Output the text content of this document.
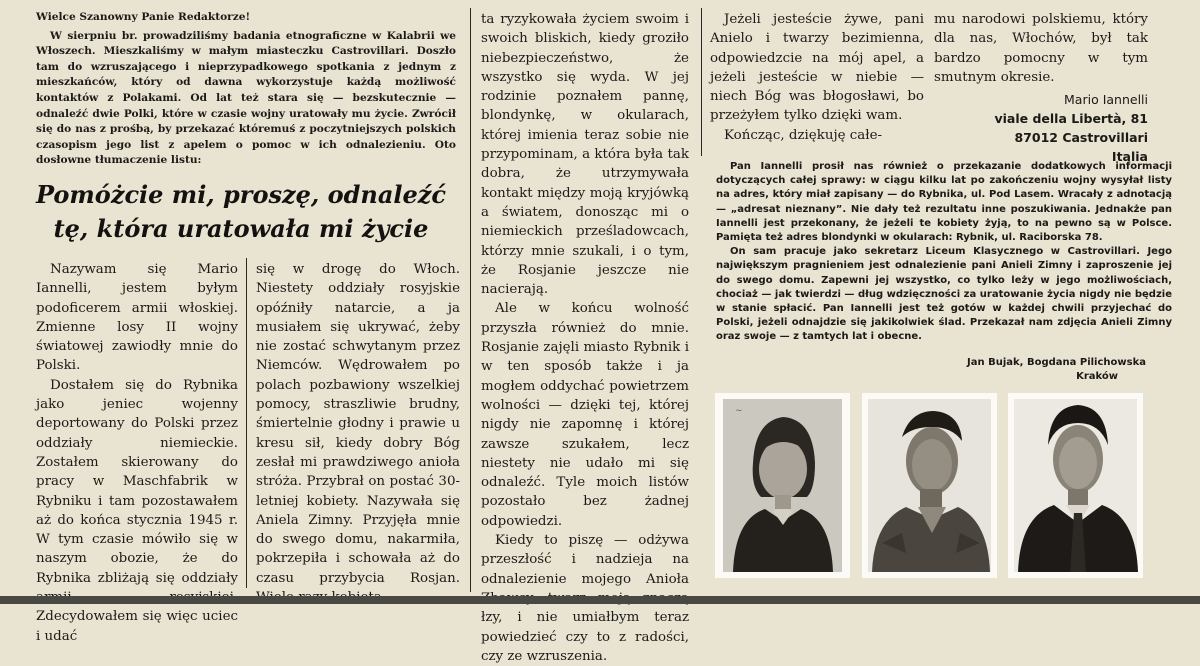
Wielce Szanowny Panie Redaktorze!

W sierpniu br. prowadziliśmy badania etnograficzne w Kalabrii we Włoszech. Mieszkaliśmy w małym miasteczku Castrovillari. Doszło tam do wzruszającego i nieprzypadkowego spotkania z jednym z mieszkańców, który od dawna wykorzystuje każdą możliwość kontaktów z Polakami. Od lat też stara się — bezskutecznie — odnaleźć dwie Polki, które w czasie wojny uratowały mu życie. Zwrócił się do nas z prośbą, by przekazać któremuś z poczytniejszych polskich czasopism jego list z apelem o pomoc w ich odnalezieniu. Oto dosłowne tłumaczenie listu:

Pomóżcie mi, proszę, odnaleźć tę, która uratowała mi życie

Nazywam się Mario Iannelli, jestem byłym podoficerem armii włoskiej. Zmienne losy II wojny światowej zawiodły mnie do Polski.

Dostałem się do Rybnika jako jeniec wojenny deportowany do Polski przez oddziały niemieckie. Zostałem skierowany do pracy w Maschfabrik w Rybniku i tam pozostawałem aż do końca stycznia 1945 r. W tym czasie mówiło się w naszym obozie, że do Rybnika zbliżają się oddziały Zdecydowałem się więc uciec i udać

się w drogę do Włoch. Niestety oddziały rosyjskie opóźniły natarcie, a ja musiałem się ukrywać, żeby nie zostać schwytanym przez Niemców. Wędrowałem po polach pozbawiony wszelkiej pomocy, straszliwie brudny, śmiertelnie głodny i prawie u kresu sił, kiedy dobry Bóg zesłał mi prawdziwego anioła stróża. Przybrał on postać 30-letniej kobiety. Nazywała się Aniela Zimny. Przyjęła mnie do swego domu, nakarmiła, pokrzepiła i schowała aż do czasu przybycia Rosjan.

ta ryzykowała życiem swoim i swoich bliskich, kiedy groziło niebezpieczeństwo, że wszystko się wyda. W jej rodzinie poznałem pannę, blondynkę, w okularach, której imienia teraz sobie nie przypominam, a która była tak dobra, że utrzymywała kontakt między moją kryjówką a światem, donosząc mi o niemieckich prześladowcach, którzy mnie szukali, i o tym, że Rosjanie jeszcze nie nacierają.

Ale w końcu wolność przyszła również do mnie. Rosjanie zajęli miasto Rybnik i w ten sposób także i ja mogłem oddychać powietrzem wolności — dzięki tej, której nigdy nie zapomnę i której zawsze szukałem, lecz niestety nie udało mi się odnaleźć. Tyle moich listów pozostało bez żadnej odpowiedzi.

Kiedy to piszę — odżywa przeszłość i nadzieja na odnalezienie mojego Anioła łzy, i nie umiałbym teraz powiedzieć czy to z radości, czy ze wzruszenia.

Jeżeli jesteście żywe, pani Anielo i twarzy bezimienna, odpowiedzcie na mój apel, a jeżeli jesteście w niebie — niech Bóg was błogosławi, bo przeżyłem tylko dzięki wam.

Kończąc, dziękuję całe-

mu narodowi polskiemu, który dla nas, Włochów, był tak bardzo pomocny w tym smutnym okresie.

Mario Iannelli
viale della Libertà, 81
87012 Castrovillari
Italia

Pan Iannelli prosił nas również o przekazanie dodatkowych informacji dotyczących całej sprawy: w ciągu kilku lat po zakończeniu wojny wysyłał listy na adres, który miał zapisany — do Rybnika, ul. Pod Lasem. Wracały z adnotacją — „adresat nieznany”. Nie dały też rezultatu inne poszukiwania. Jednakże pan Iannelli jest przekonany, że jeżeli te kobiety żyją, to na pewno są w Polsce. Pamięta też adres blondynki w okularach: Rybnik, ul. Raciborska 78.

On sam pracuje jako sekretarz Liceum Klasycznego w Castrovillari. Jego największym pragnieniem jest odnalezienie pani Anieli Zimny i zaproszenie jej do swego domu. Zapewni jej wszystko, co tylko leży w jego możliwościach, chociaż — jak twierdzi — dług wdzięczności za uratowanie życia nigdy nie będzie w stanie spłacić. Pan Iannelli jest też gotów w każdej chwili przyjechać do Polski, jeżeli odnajdzie się jakikolwiek ślad. Przekazał nam zdjęcia Anieli Zimny oraz swoje — z tamtych lat i obecne.

Jan Bujak, Bogdana Pilichowska
Kraków
~
